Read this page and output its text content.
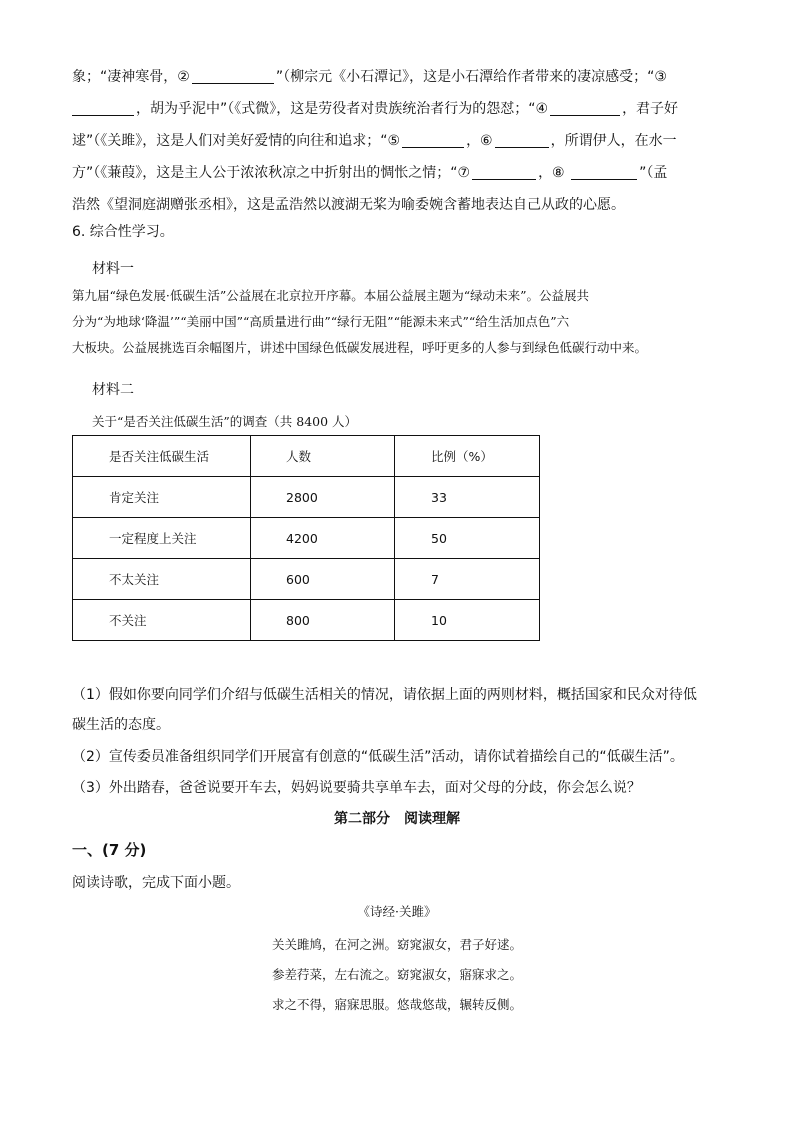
象；“凄神寒骨，②	”（柳宗元《小石潭记》，这是小石潭给作者带来的凄凉感受；“③
，胡为乎泥中”（《式微》，这是劳役者对贵族统治者行为的怨怼；“④	，君子好
逑”（《关雎》，这是人们对美好爱情的向往和追求；“⑤	，⑥	，所谓伊人，在水一
方”（《蒹葭》，这是主人公于浓浓秋凉之中折射出的惆怅之情；“⑦	，⑧	”（孟
浩然《望洞庭湖赠张丞相》，这是孟浩然以渡湖无桨为喻委婉含蓄地表达自己从政的心愿。
6. 综合性学习。
材料一
第九届“绿色发展·低碳生活”公益展在北京拉开序幕。本届公益展主题为“绿动未来”。公益展共
分为“为地球‘降温’”“美丽中国”“高质量进行曲”“绿行无阻”“能源未来式”“给生活加点色”六
大板块。公益展挑选百余幅图片，讲述中国绿色低碳发展进程，呼吁更多的人参与到绿色低碳行动中来。
材料二
关于“是否关注低碳生活”的调查（共 8400 人）
是否关注低碳生活	人数	比例（%）
肯定关注	2800	33
一定程度上关注	4200	50
不太关注	600	7
不关注	800	10
（1）假如你要向同学们介绍与低碳生活相关的情况，请依据上面的两则材料，概括国家和民众对待低
碳生活的态度。
（2）宣传委员准备组织同学们开展富有创意的“低碳生活”活动，请你试着描绘自己的“低碳生活”。
（3）外出踏春，爸爸说要开车去，妈妈说要骑共享单车去，面对父母的分歧，你会怎么说？
第二部分　阅读理解
一、(7 分)
阅读诗歌，完成下面小题。
《诗经·关雎》
关关雎鸠，在河之洲。窈窕淑女，君子好逑。
参差荇菜，左右流之。窈窕淑女，寤寐求之。
求之不得，寤寐思服。悠哉悠哉，辗转反侧。
